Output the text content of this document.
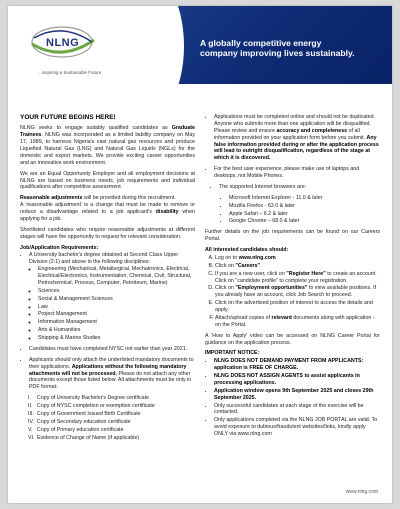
NLNG
...inspiring a Sustainable Future
A globally competitive energy
company improving lives sustainably.
YOUR FUTURE BEGINS HERE!

NLNG seeks to engage suitably qualified candidates as Graduate Trainees. NLNG was incorporated as a limited liability company on May 17, 1989, to harness Nigeria's vast natural gas resources and produce Liquefied Natural Gas (LNG) and Natural Gas Liquids (NGLs) for the domestic and export markets. We provide exciting career opportunities and an innovative work environment.

We are an Equal Opportunity Employer and all employment decisions at NLNG are based on business needs, job requirements and individual qualifications after competitive assessment.

Reasonable adjustments will be provided during this recruitment.
A 'reasonable adjustment' is a change that must be made to remove or reduce a disadvantage related to a job applicant's disability when applying for a job.

Shortlisted candidates who require reasonable adjustments at different stages will have the opportunity to request for relevant consideration.

Job/Application Requirements:
• A University bachelor's degree obtained at Second Class Upper Division (2:1) and above in the following disciplines:
◦ Engineering (Mechanical, Metallurgical, Mechatronics, Electrical, Electrical/Electronics, Instrumentation, Chemical, Civil, Structural, Petrochemical, Process, Computer, Petroleum, Marine)
◦ Sciences
◦ Social & Management Sciences
◦ Law
◦ Project Management
◦ Information Management
◦ Arts & Humanities
◦ Shipping & Marine Studies
• Candidates must have completed NYSC not earlier than year 2021.
• Applicants should only attach the underlisted mandatory documents to their applications. Applications without the following mandatory attachments will not be processed. Please do not attach any other documents except those listed below. All attachments must be only in PDF format:
I. Copy of University Bachelor's Degree certificate
II. Copy of NYSC completion or exemption certificate
III. Copy of Government Issued Birth Certificate
IV. Copy of Secondary education certificate
V. Copy of Primary education certificate
VI. Evidence of Change of Name (if applicable)
• Applications must be completed online and should not be duplicated. Anyone who submits more than one application will be disqualified. Please review and ensure accuracy and completeness of all information provided on your application form before you submit. Any false information provided during or after the application process will lead to outright disqualification, regardless of the stage at which it is discovered.
• For the best user experience, please make use of laptops and desktops, not Mobile Phones.
• The supported Internet browsers are:
• Microsoft Internet Explorer - 11.0 & later
• Mozilla Firefox - 63.0 & later
• Apple Safari – 6.2 & later
• Google Chrome – 68.0 & later

Further details on the job requirements can be found on our Careers Portal.

All interested candidates should:
A. Log on to www.nlng.com
B. Click on "Careers".
C. If you are a new user, click on "Register Here" to create an account. Click on "candidate profile" to complete your registration.
D. Click on "Employment opportunities" to view available positions. If you already have an account, click Job Search to proceed.
E. Click on the advertised position of interest to access the details and apply.
F. Attach/upload copies of relevant documents along with application - on the Portal.

A 'How to Apply' video can be accessed on NLNG Career Portal for guidance on the application process.

IMPORTANT NOTICE:
• NLNG DOES NOT DEMAND PAYMENT FROM APPLICANTS: application is FREE OF CHARGE.
• NLNG DOES NOT ASSIGN AGENTS to assist applicants in processing applications.
• Application window opens 9th September 2025 and closes 29th September 2025.
• Only successful candidates at each stage of the exercise will be contacted.
• Only applications completed via the NLNG JOB PORTAL are valid. To avoid exposure to dubious/fraudulent websites/links, kindly apply ONLY via www.nlng.com
www.nlng.com
